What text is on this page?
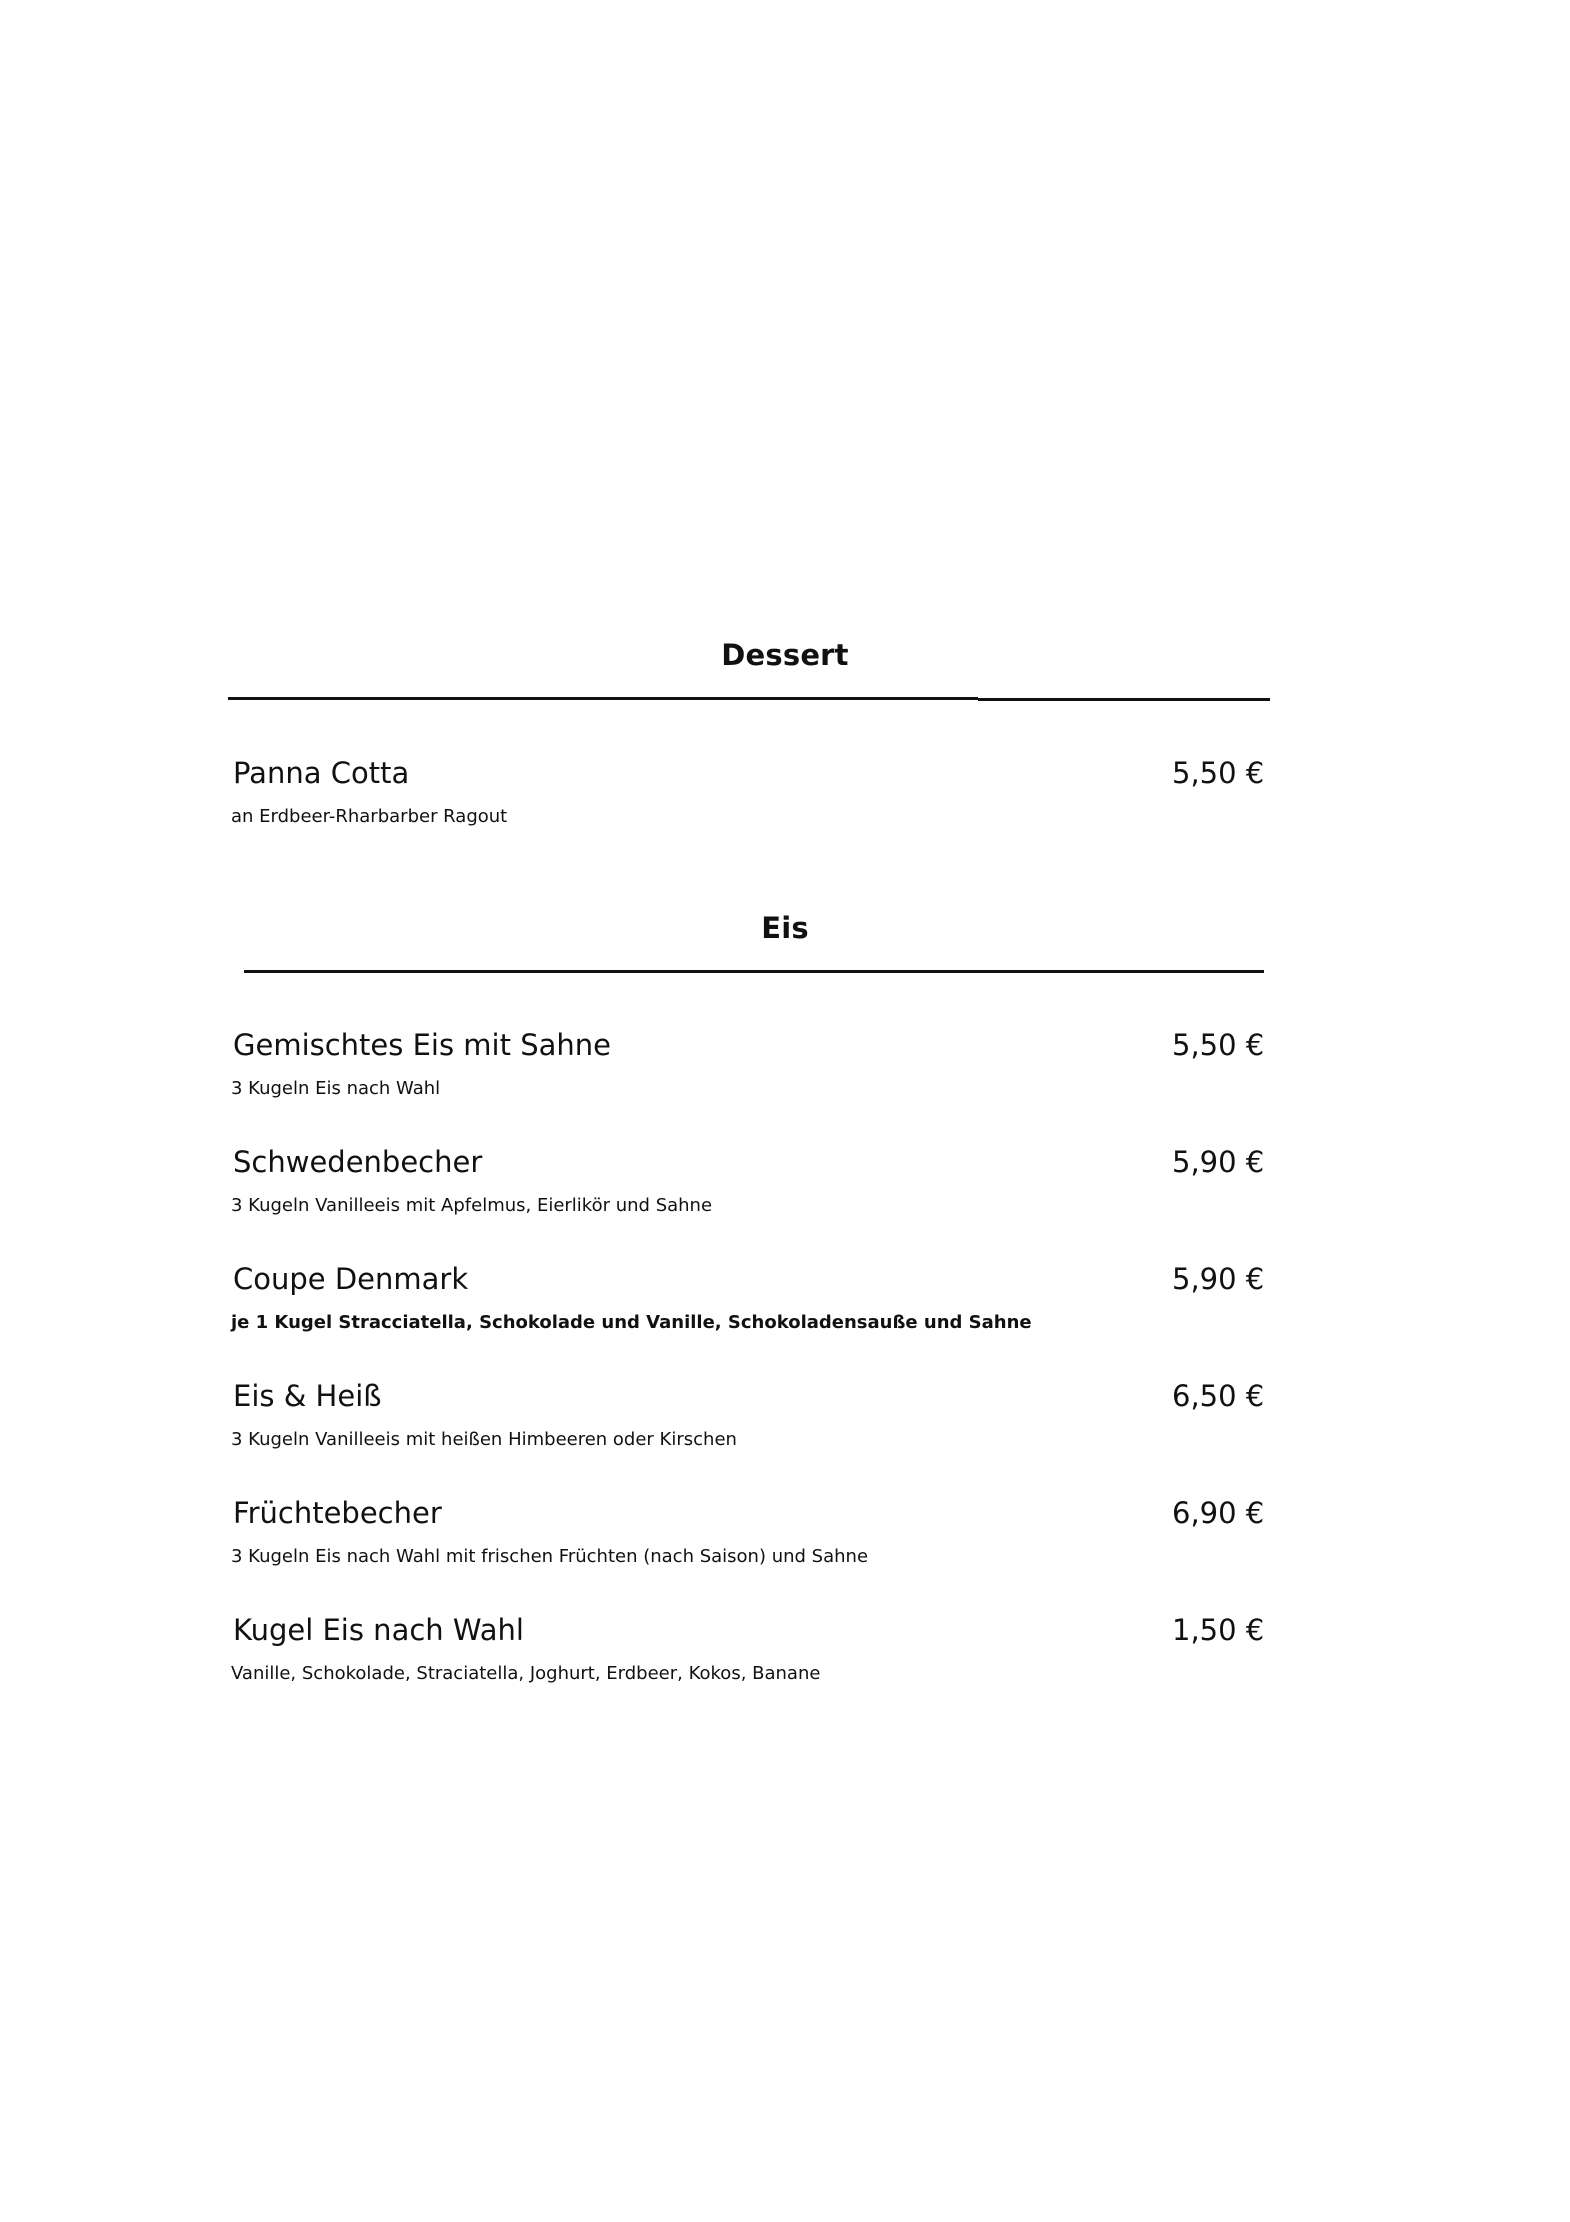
Dessert
Panna Cotta	5,50 €
an Erdbeer-Rharbarber Ragout
Eis
Gemischtes Eis mit Sahne	5,50 €
3 Kugeln Eis nach Wahl
Schwedenbecher	5,90 €
3 Kugeln Vanilleeis mit Apfelmus, Eierlikör und Sahne
Coupe Denmark	5,90 €
je 1 Kugel Stracciatella, Schokolade und Vanille, Schokoladensauße und Sahne
Eis & Heiß	6,50 €
3 Kugeln Vanilleeis mit heißen Himbeeren oder Kirschen
Früchtebecher	6,90 €
3 Kugeln Eis nach Wahl mit frischen Früchten (nach Saison) und Sahne
Kugel Eis nach Wahl	1,50 €
Vanille, Schokolade, Straciatella, Joghurt, Erdbeer, Kokos, Banane
